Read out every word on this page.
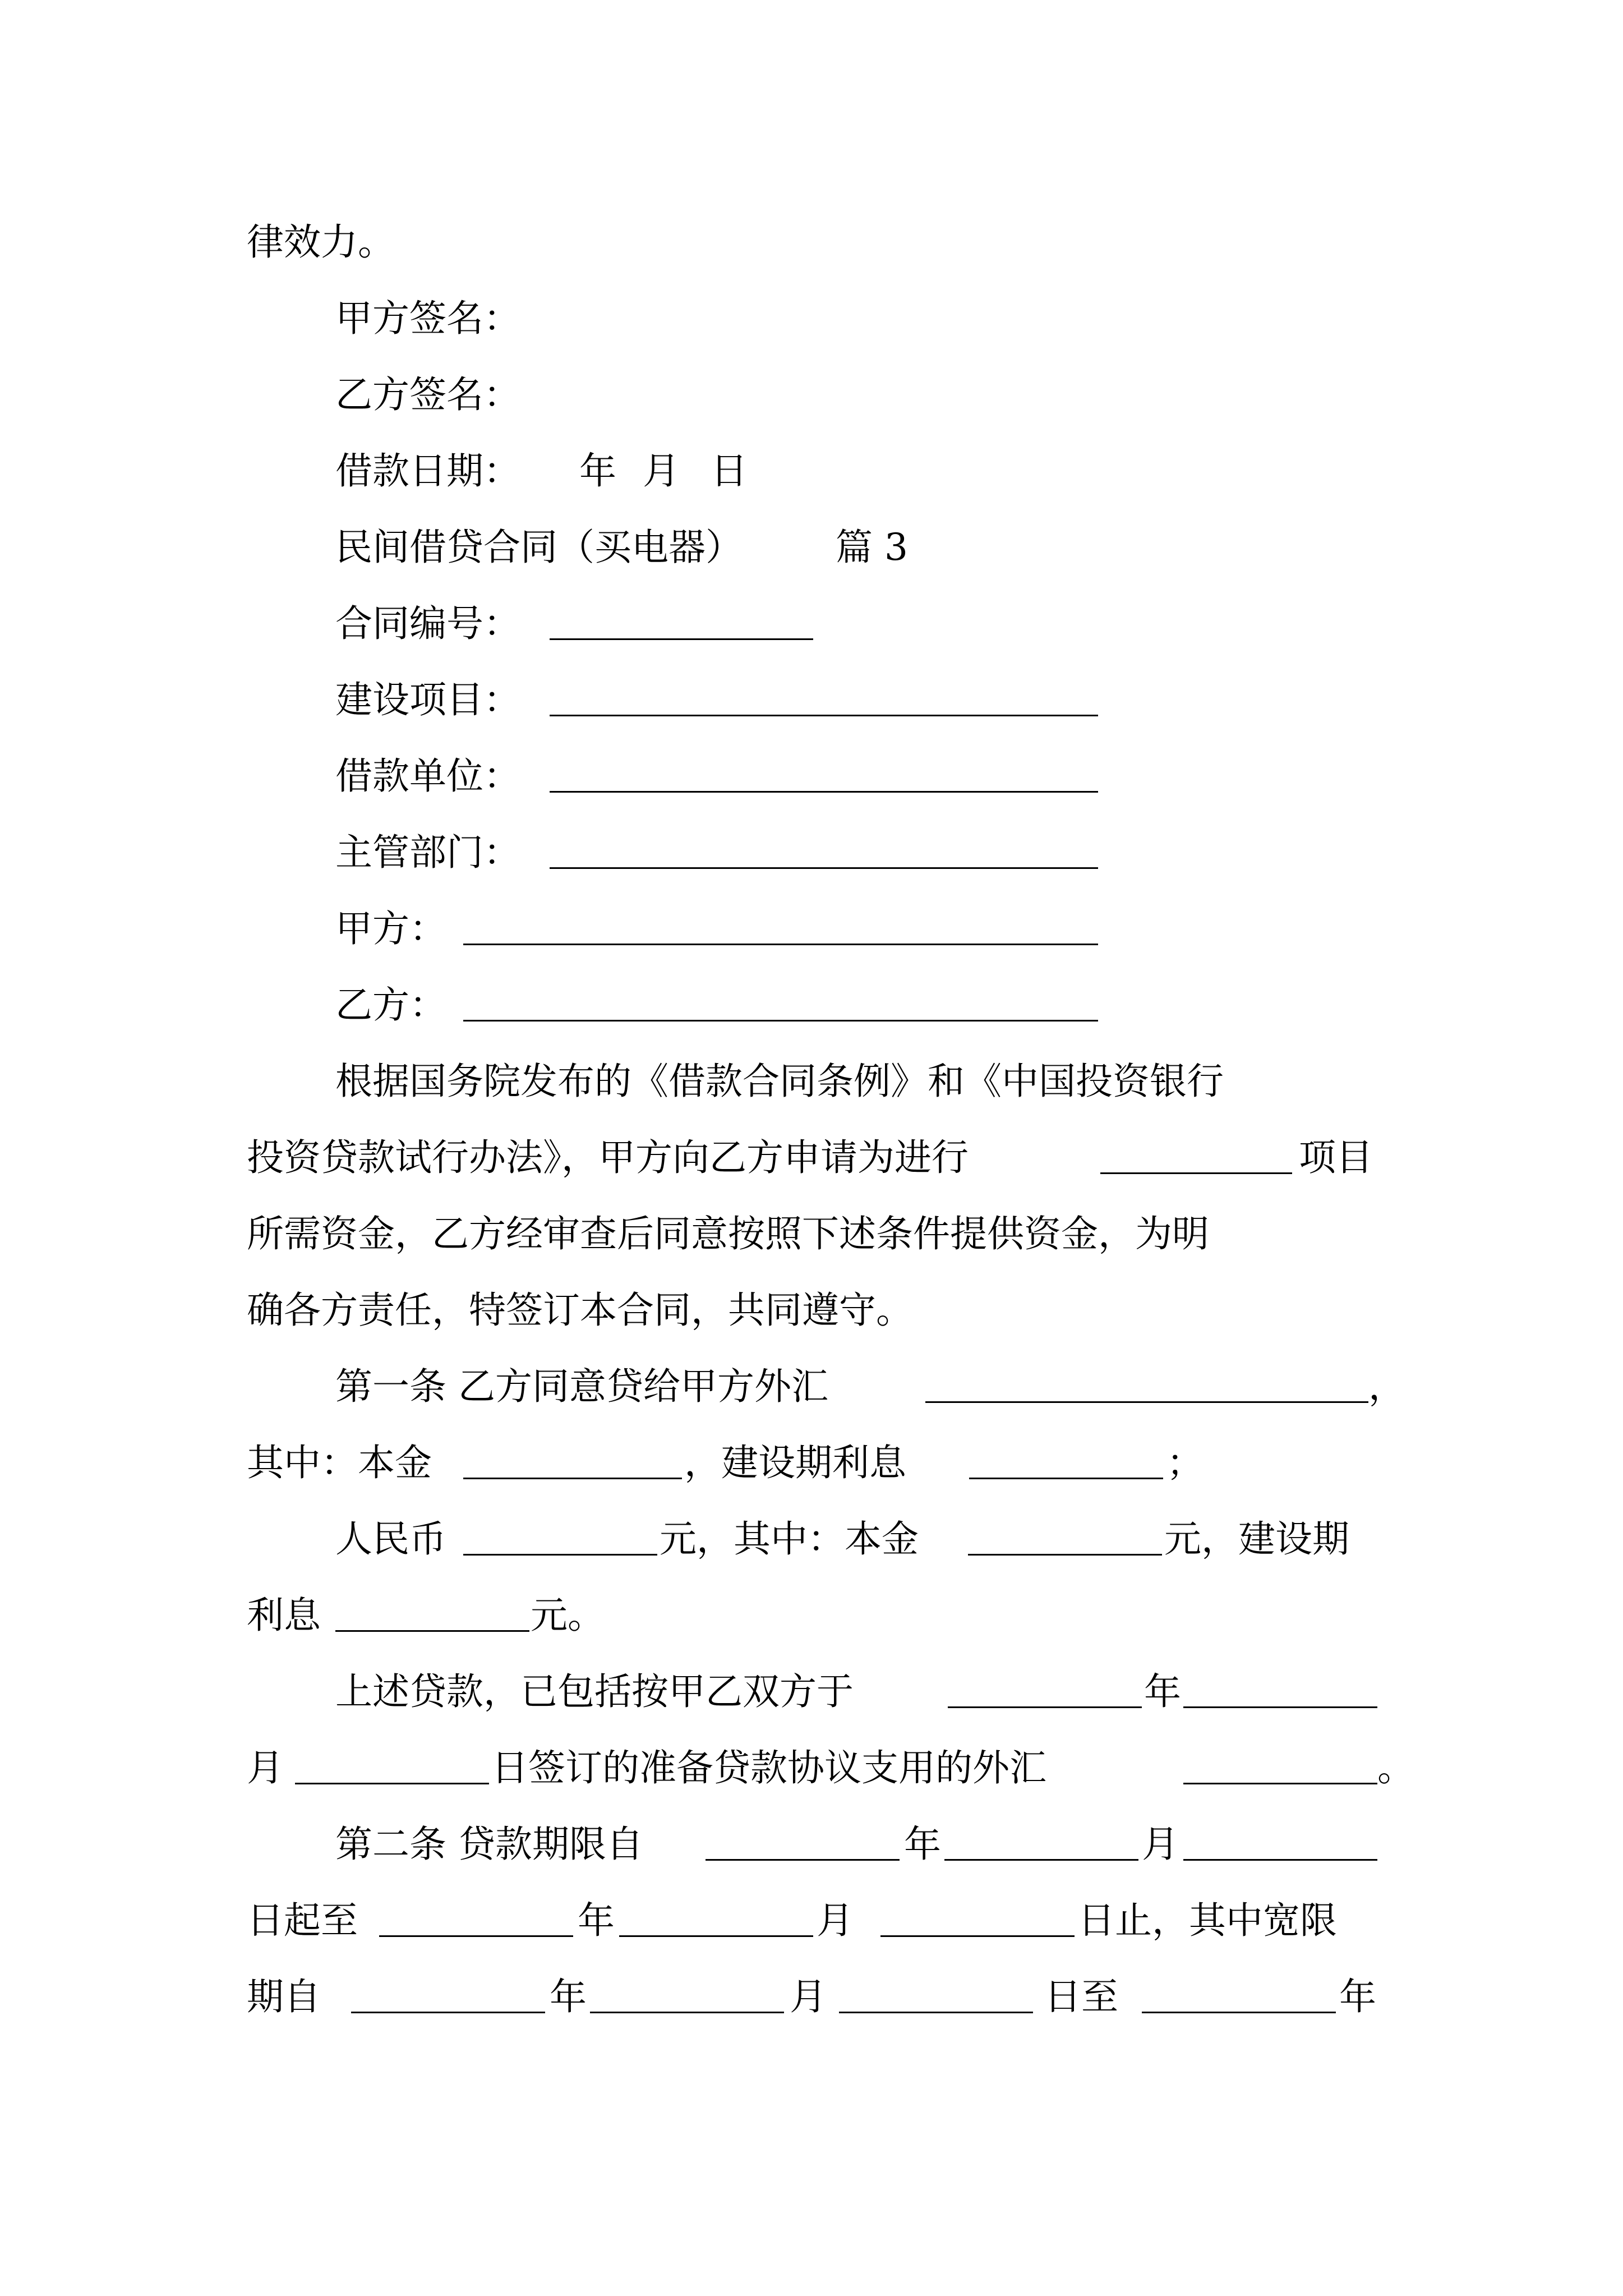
律效力。
甲方签名：
乙方签名：
借款日期： 年 月 日
民间借贷合同（买电器）	篇 3
合同编号：
建设项目：
借款单位：
主管部门：
甲方：
乙方：
根据国务院发布的《借款合同条例》和《中国投资银行
投资贷款试行办法》，甲方向乙方申请为进行	项目
所需资金，乙方经审查后同意按照下述条件提供资金，为明
确各方责任，特签订本合同，共同遵守。
第一条 乙方同意贷给甲方外汇	，
其中：本金	，建设期利息	；
人民币	元，其中：本金	元，建设期
利息	元。
上述贷款，已包括按甲乙双方于	年
月	日签订的准备贷款协议支用的外汇	。
第二条 贷款期限自	年	月
日起至	年	月	日止，其中宽限
期自	年	月	日至	年
